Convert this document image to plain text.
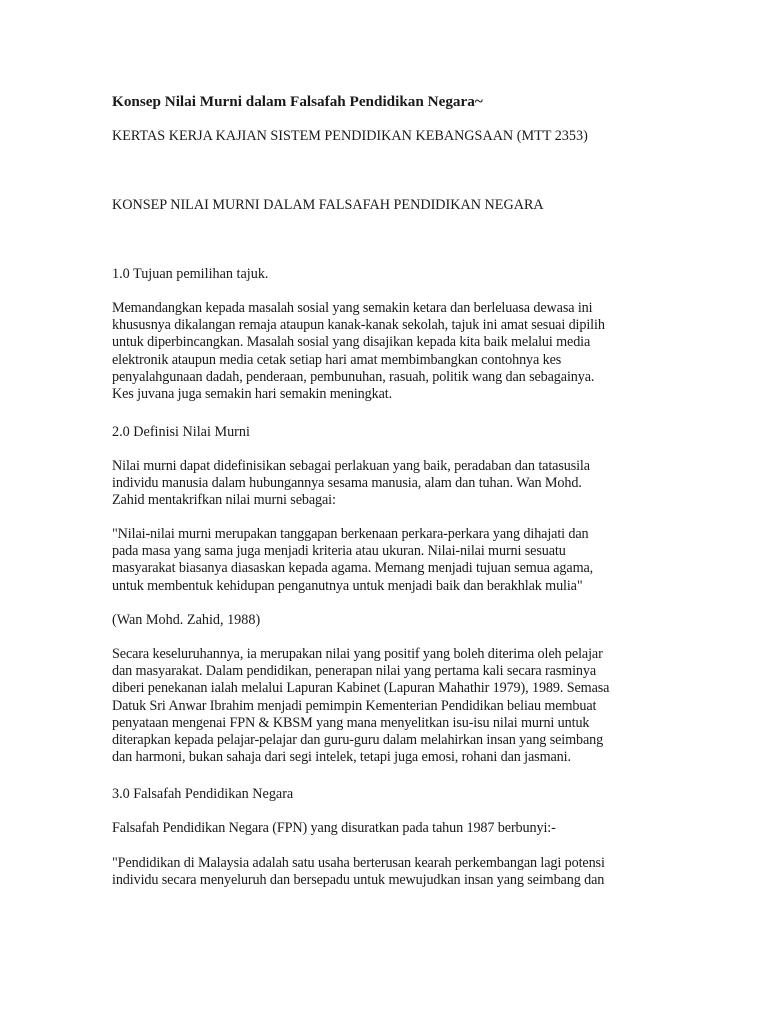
Konsep Nilai Murni dalam Falsafah Pendidikan Negara~
KERTAS KERJA KAJIAN SISTEM PENDIDIKAN KEBANGSAAN (MTT 2353)
KONSEP NILAI MURNI DALAM FALSAFAH PENDIDIKAN NEGARA
1.0 Tujuan pemilihan tajuk.
Memandangkan kepada masalah sosial yang semakin ketara dan berleluasa dewasa ini
khususnya dikalangan remaja ataupun kanak-kanak sekolah, tajuk ini amat sesuai dipilih
untuk diperbincangkan. Masalah sosial yang disajikan kepada kita baik melalui media
elektronik ataupun media cetak setiap hari amat membimbangkan contohnya kes
penyalahgunaan dadah, penderaan, pembunuhan, rasuah, politik wang dan sebagainya.
Kes juvana juga semakin hari semakin meningkat.
2.0 Definisi Nilai Murni
Nilai murni dapat didefinisikan sebagai perlakuan yang baik, peradaban dan tatasusila
individu manusia dalam hubungannya sesama manusia, alam dan tuhan. Wan Mohd.
Zahid mentakrifkan nilai murni sebagai:
"Nilai-nilai murni merupakan tanggapan berkenaan perkara-perkara yang dihajati dan
pada masa yang sama juga menjadi kriteria atau ukuran. Nilai-nilai murni sesuatu
masyarakat biasanya diasaskan kepada agama. Memang menjadi tujuan semua agama,
untuk membentuk kehidupan penganutnya untuk menjadi baik dan berakhlak mulia"
(Wan Mohd. Zahid, 1988)
Secara keseluruhannya, ia merupakan nilai yang positif yang boleh diterima oleh pelajar
dan masyarakat. Dalam pendidikan, penerapan nilai yang pertama kali secara rasminya
diberi penekanan ialah melalui Lapuran Kabinet (Lapuran Mahathir 1979), 1989. Semasa
Datuk Sri Anwar Ibrahim menjadi pemimpin Kementerian Pendidikan beliau membuat
penyataan mengenai FPN & KBSM yang mana menyelitkan isu-isu nilai murni untuk
diterapkan kepada pelajar-pelajar dan guru-guru dalam melahirkan insan yang seimbang
dan harmoni, bukan sahaja dari segi intelek, tetapi juga emosi, rohani dan jasmani.
3.0 Falsafah Pendidikan Negara
Falsafah Pendidikan Negara (FPN) yang disuratkan pada tahun 1987 berbunyi:-
"Pendidikan di Malaysia adalah satu usaha berterusan kearah perkembangan lagi potensi
individu secara menyeluruh dan bersepadu untuk mewujudkan insan yang seimbang dan
